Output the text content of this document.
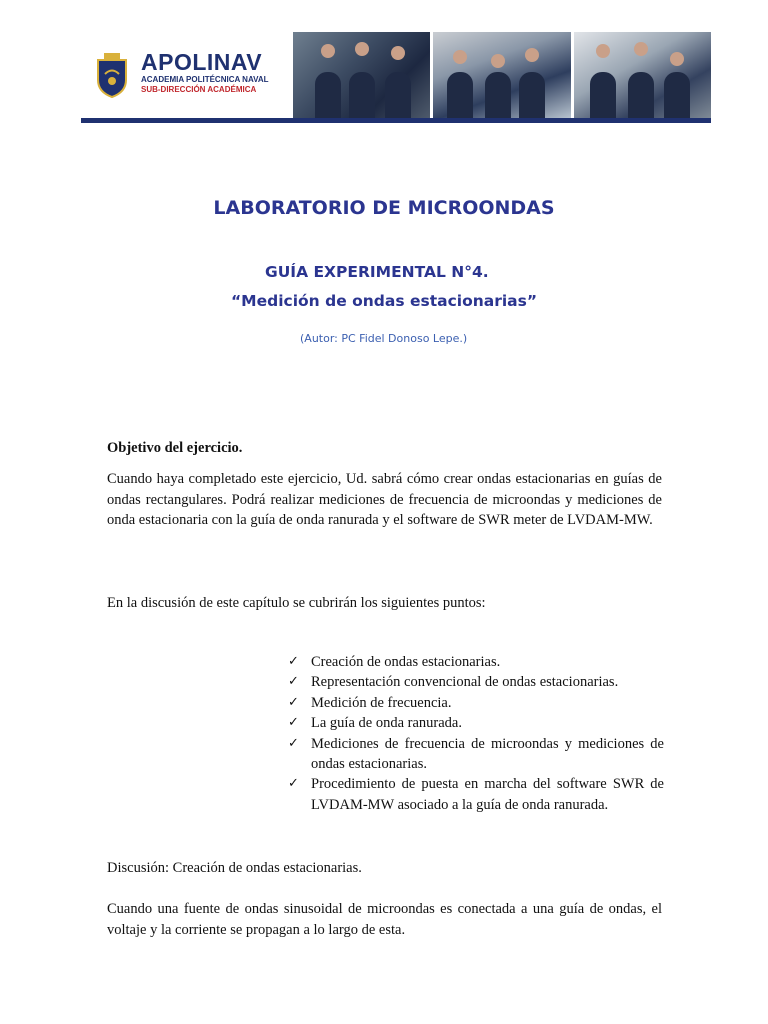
APOLINAV
ACADEMIA POLITÉCNICA NAVAL
SUB-DIRECCIÓN ACADÉMICA
LABORATORIO DE MICROONDAS
GUÍA EXPERIMENTAL N°4.
“Medición de ondas estacionarias”
(Autor: PC Fidel Donoso Lepe.)
Objetivo del ejercicio.
Cuando haya completado este ejercicio, Ud. sabrá cómo crear ondas estacionarias en guías de ondas rectangulares. Podrá realizar mediciones de frecuencia de microondas y mediciones de onda estacionaria con la guía de onda ranurada y el software de SWR meter de LVDAM-MW.
En la discusión de este capítulo se cubrirán los siguientes puntos:
✓ Creación de ondas estacionarias.
✓ Representación convencional de ondas estacionarias.
✓ Medición de frecuencia.
✓ La guía de onda ranurada.
✓ Mediciones de frecuencia de microondas y mediciones de ondas estacionarias.
✓ Procedimiento de puesta en marcha del software SWR de LVDAM-MW asociado a la guía de onda ranurada.
Discusión: Creación de ondas estacionarias.
Cuando una fuente de ondas sinusoidal de microondas es conectada a una guía de ondas, el voltaje y la corriente se propagan a lo largo de esta.
